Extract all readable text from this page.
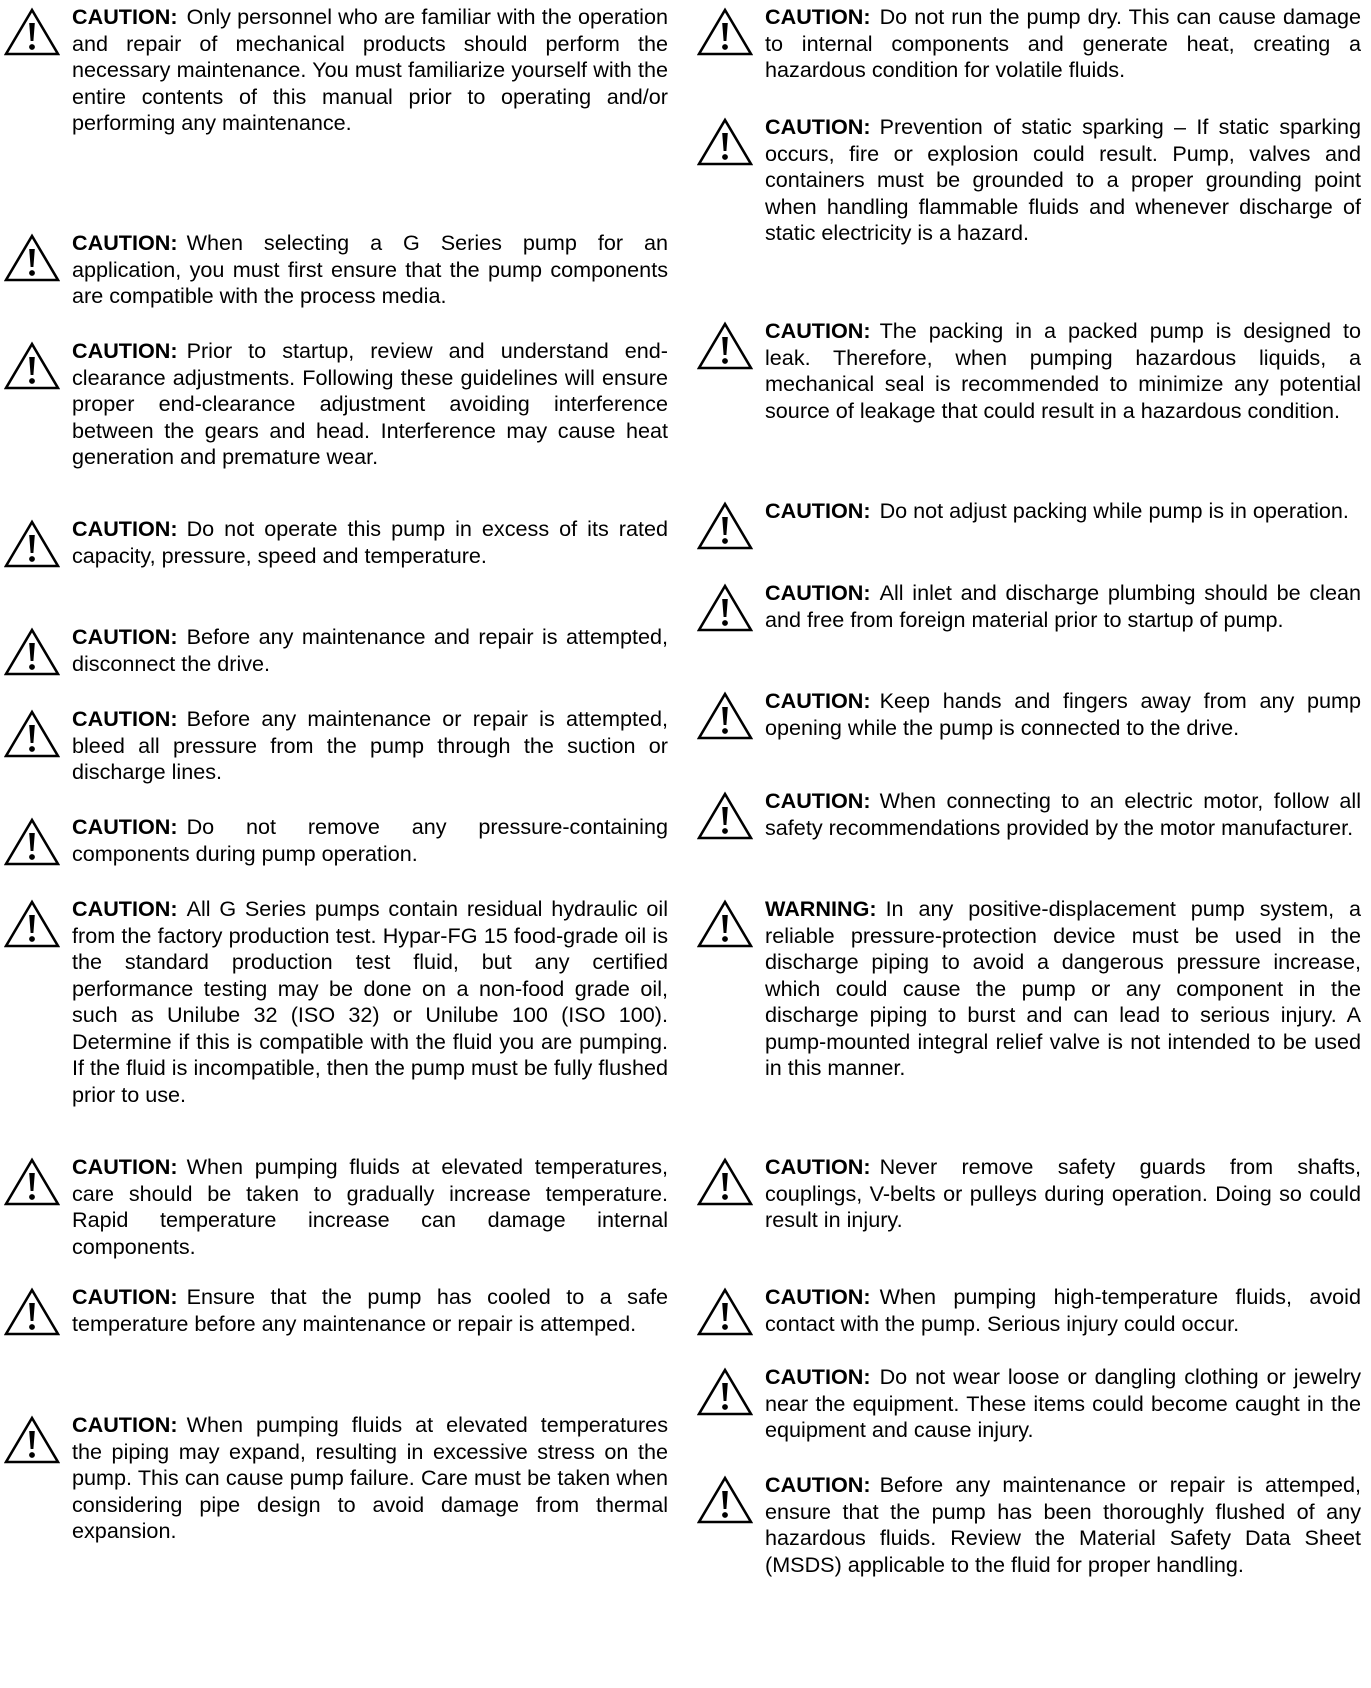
CAUTION: Only personnel who are familiar with the operation and repair of mechanical products should perform the necessary maintenance. You must familiarize yourself with the entire contents of this manual prior to operating and/or performing any maintenance.
CAUTION: When selecting a G Series pump for an application, you must first ensure that the pump components are compatible with the process media.
CAUTION: Prior to startup, review and understand end-clearance adjustments. Following these guidelines will ensure proper end-clearance adjustment avoiding interference between the gears and head. Interference may cause heat generation and premature wear.
CAUTION: Do not operate this pump in excess of its rated capacity, pressure, speed and temperature.
CAUTION: Before any maintenance and repair is attempted, disconnect the drive.
CAUTION: Before any maintenance or repair is attempted, bleed all pressure from the pump through the suction or discharge lines.
CAUTION: Do not remove any pressure-containing components during pump operation.
CAUTION: All G Series pumps contain residual hydraulic oil from the factory production test. Hypar-FG 15 food-grade oil is the standard production test fluid, but any certified performance testing may be done on a non-food grade oil, such as Unilube 32 (ISO 32) or Unilube 100 (ISO 100). Determine if this is compatible with the fluid you are pumping. If the fluid is incompatible, then the pump must be fully flushed prior to use.
CAUTION: When pumping fluids at elevated temperatures, care should be taken to gradually increase temperature. Rapid temperature increase can damage internal components.
CAUTION: Ensure that the pump has cooled to a safe temperature before any maintenance or repair is attemped.
CAUTION: When pumping fluids at elevated temperatures the piping may expand, resulting in excessive stress on the pump. This can cause pump failure. Care must be taken when considering pipe design to avoid damage from thermal expansion.
CAUTION: Do not run the pump dry. This can cause damage to internal components and generate heat, creating a hazardous condition for volatile fluids.
CAUTION: Prevention of static sparking – If static sparking occurs, fire or explosion could result. Pump, valves and containers must be grounded to a proper grounding point when handling flammable fluids and whenever discharge of static electricity is a hazard.
CAUTION: The packing in a packed pump is designed to leak. Therefore, when pumping hazardous liquids, a mechanical seal is recommended to minimize any potential source of leakage that could result in a hazardous condition.
CAUTION: Do not adjust packing while pump is in operation.
CAUTION: All inlet and discharge plumbing should be clean and free from foreign material prior to startup of pump.
CAUTION: Keep hands and fingers away from any pump opening while the pump is connected to the drive.
CAUTION: When connecting to an electric motor, follow all safety recommendations provided by the motor manufacturer.
WARNING: In any positive-displacement pump system, a reliable pressure-protection device must be used in the discharge piping to avoid a dangerous pressure increase, which could cause the pump or any component in the discharge piping to burst and can lead to serious injury. A pump-mounted integral relief valve is not intended to be used in this manner.
CAUTION: Never remove safety guards from shafts, couplings, V-belts or pulleys during operation. Doing so could result in injury.
CAUTION: When pumping high-temperature fluids, avoid contact with the pump. Serious injury could occur.
CAUTION: Do not wear loose or dangling clothing or jewelry near the equipment. These items could become caught in the equipment and cause injury.
CAUTION: Before any maintenance or repair is attemped, ensure that the pump has been thoroughly flushed of any hazardous fluids. Review the Material Safety Data Sheet (MSDS) applicable to the fluid for proper handling.
